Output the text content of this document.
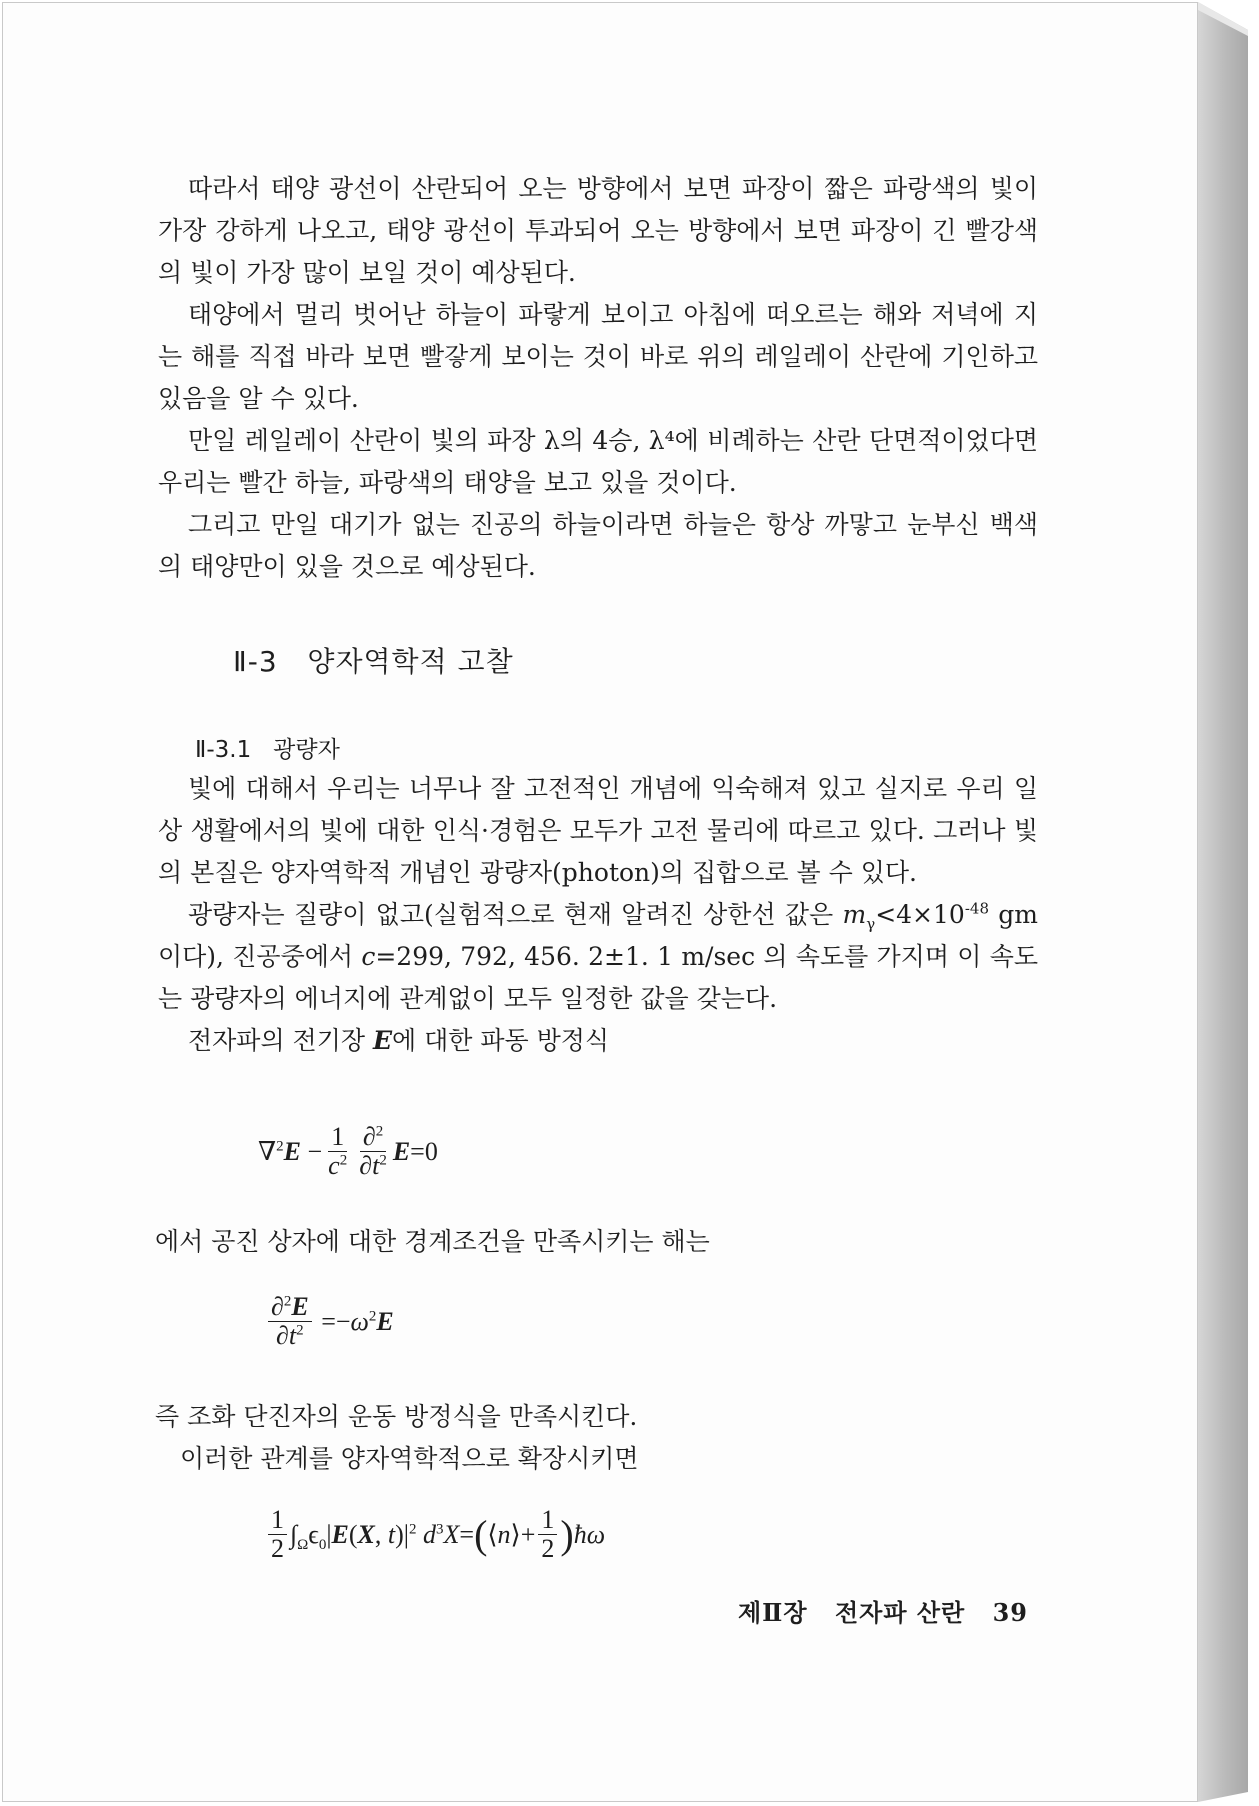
따라서 태양 광선이 산란되어 오는 방향에서 보면 파장이 짧은 파랑색의 빛이 가장 강하게 나오고, 태양 광선이 투과되어 오는 방향에서 보면 파장이 긴 빨강색의 빛이 가장 많이 보일 것이 예상된다.

태양에서 멀리 벗어난 하늘이 파랗게 보이고 아침에 떠오르는 해와 저녁에 지는 해를 직접 바라 보면 빨갛게 보이는 것이 바로 위의 레일레이 산란에 기인하고 있음을 알 수 있다.

만일 레일레이 산란이 빛의 파장 λ의 4승, λ⁴에 비례하는 산란 단면적이었다면 우리는 빨간 하늘, 파랑색의 태양을 보고 있을 것이다.

그리고 만일 대기가 없는 진공의 하늘이라면 하늘은 항상 까맣고 눈부신 백색의 태양만이 있을 것으로 예상된다.

Ⅱ-3 양자역학적 고찰
Ⅱ-3.1 광량자

빛에 대해서 우리는 너무나 잘 고전적인 개념에 익숙해져 있고 실지로 우리 일상 생활에서의 빛에 대한 인식·경험은 모두가 고전 물리에 따르고 있다. 그러나 빛의 본질은 양자역학적 개념인 광량자(photon)의 집합으로 볼 수 있다.

광량자는 질량이 없고(실험적으로 현재 알려진 상한선 값은 $m_\gamma<4\times 10^{-48}$ gm 이다), 진공중에서 c=299, 792, 456. 2±1. 1 m/sec 의 속도를 가지며 이 속도는 광량자의 에너지에 관계없이 모두 일정한 값을 갖는다.

전자파의 전기장 E에 대한 파동 방정식

$\nabla^2E - \frac{1}{c^2} \frac{\partial^2}{\partial t^2} E=0$

에서 공진 상자에 대한 경계조건을 만족시키는 해는

$\frac{\partial^2E}{\partial t^2} =-\omega^2E$

즉 조화 단진자의 운동 방정식을 만족시킨다.

이러한 관계를 양자역학적으로 확장시키면

$\frac{1}{2} \int_\Omega\epsilon_0|E(X$, $t)|^2$ $d^3X=$ ( ⟨n⟩+ $\frac{1}{2}$ ) ħω
제Ⅱ장 전자파 산란 39
